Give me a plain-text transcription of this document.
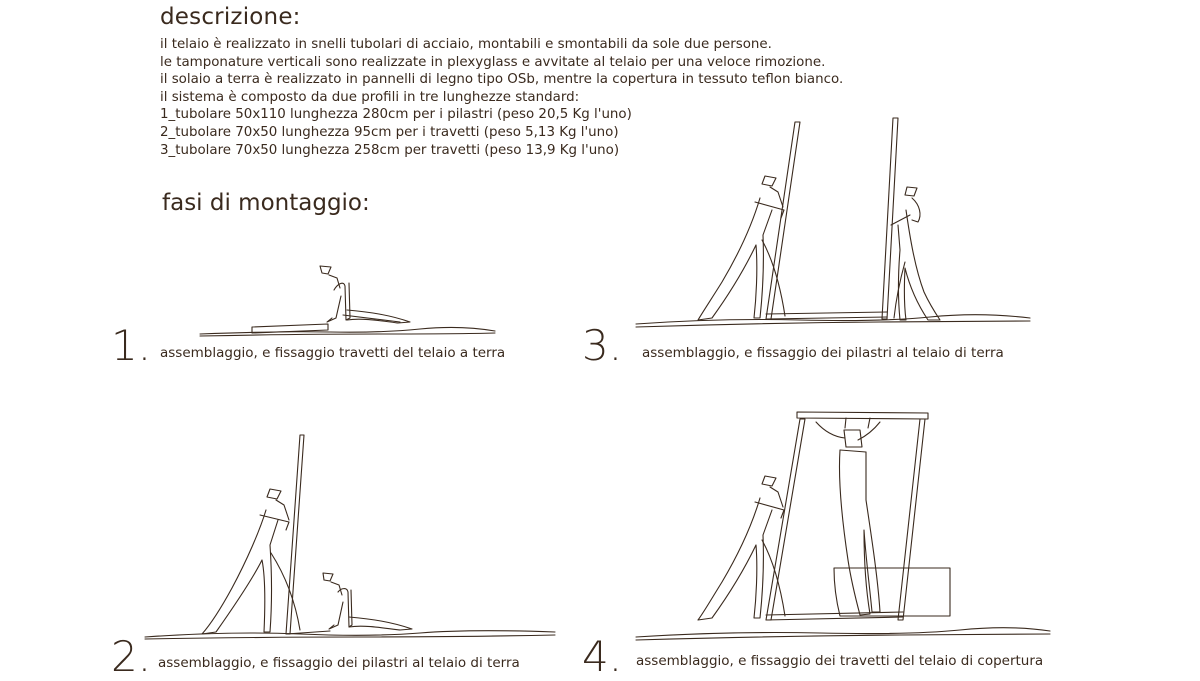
descrizione:
il telaio è realizzato in snelli tubolari di acciaio, montabili e smontabili da sole due persone.
le tamponature verticali sono realizzate in plexyglass e avvitate al telaio per una veloce rimozione.
il solaio a terra è realizzato in pannelli di legno tipo OSb, mentre la copertura in tessuto teflon bianco.
il sistema è composto da due profili in tre lunghezze standard:
1_tubolare 50x110 lunghezza 280cm per i pilastri (peso 20,5 Kg l'uno)
2_tubolare 70x50 lunghezza 95cm per i travetti (peso 5,13 Kg l'uno)
3_tubolare 70x50 lunghezza 258cm per travetti (peso 13,9 Kg l'uno)
fasi di montaggio:
1. assemblaggio, e fissaggio travetti del telaio a terra
2. assemblaggio, e fissaggio dei pilastri al telaio di terra
3. assemblaggio, e fissaggio dei pilastri al telaio di terra
4. assemblaggio, e fissaggio dei travetti del telaio di copertura
